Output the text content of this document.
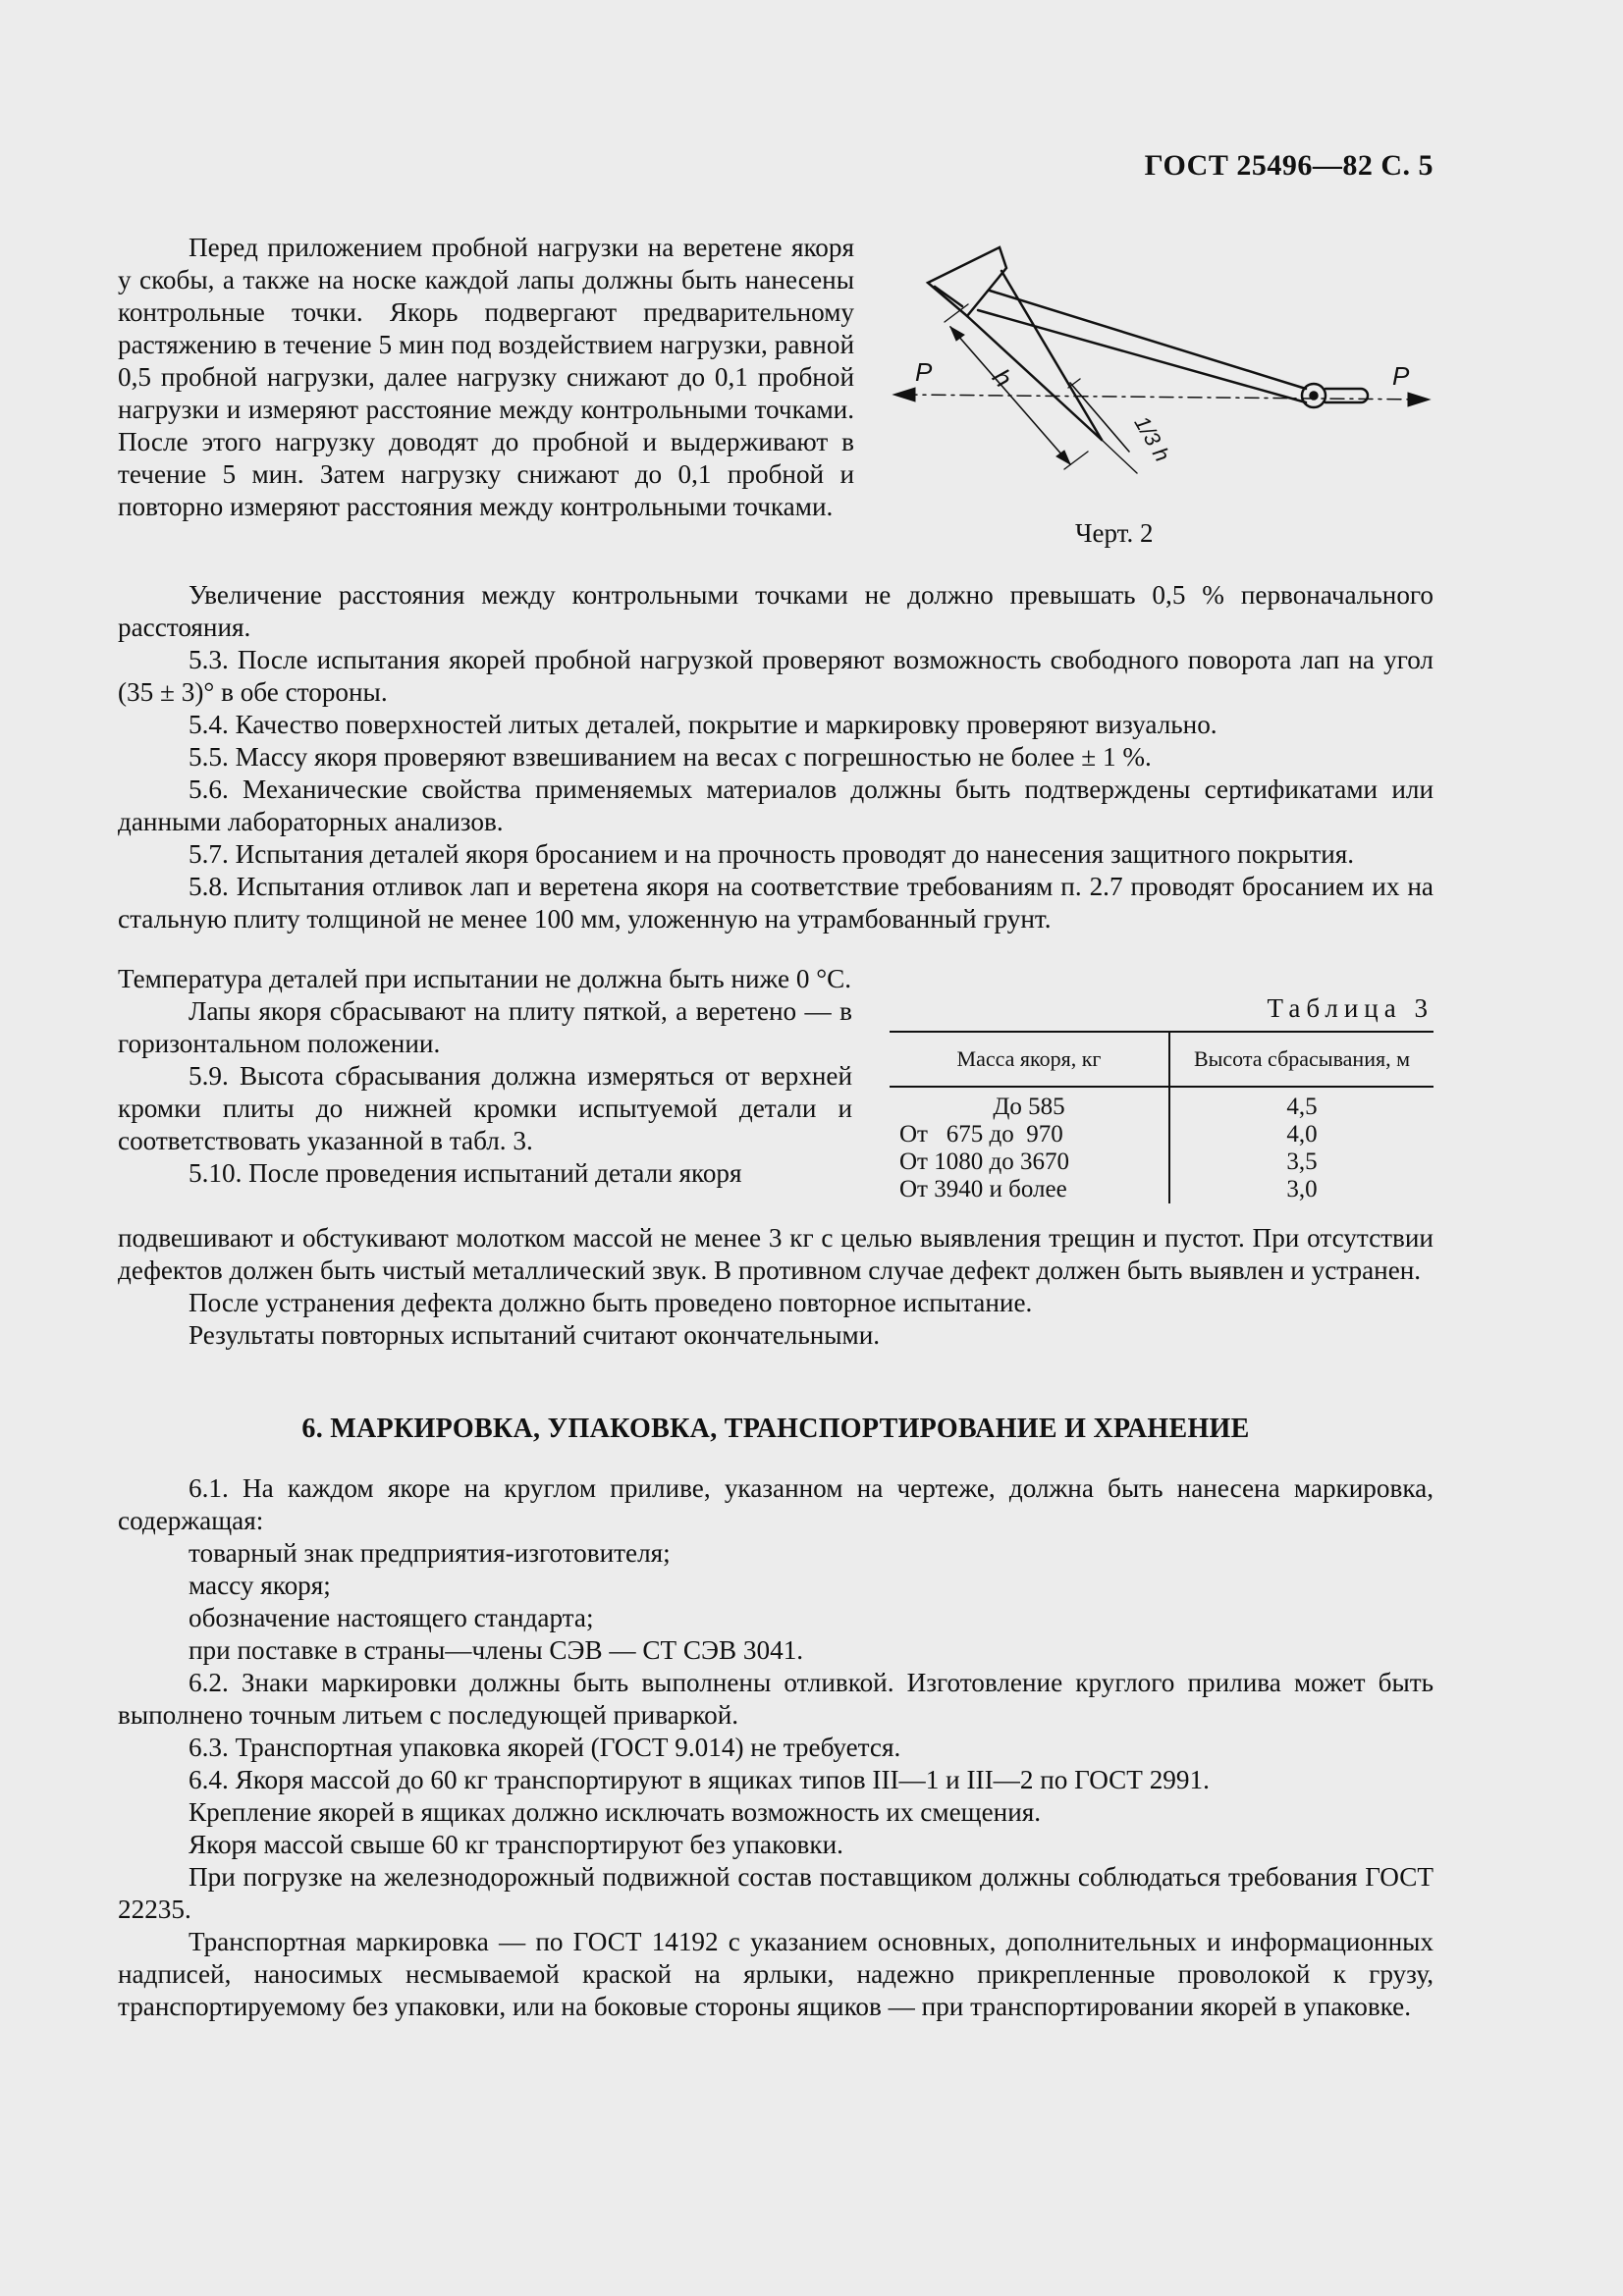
ГОСТ 25496—82 С. 5
P	P
h
1/3 h
Черт. 2

Перед приложением пробной нагрузки на веретене якоря у скобы, а также на носке каждой лапы должны быть нанесены контрольные точки. Якорь подвергают предварительному растяжению в течение 5 мин под воздействием нагрузки, равной 0,5 пробной нагрузки, далее нагрузку снижают до 0,1 пробной нагрузки и измеряют расстояние между контрольными точками. После этого нагрузку доводят до пробной и выдерживают в течение 5 мин. Затем нагрузку снижают до 0,1 пробной и повторно измеряют расстояния между контрольными точками.

Увеличение расстояния между контрольными точками не должно превышать 0,5 % первоначального расстояния.

5.3. После испытания якорей пробной нагрузкой проверяют возможность свободного поворота лап на угол (35 ± 3)° в обе стороны.

5.4. Качество поверхностей литых деталей, покрытие и маркировку проверяют визуально.

5.5. Массу якоря проверяют взвешиванием на весах с погрешностью не более ± 1 %.

5.6. Механические свойства применяемых материалов должны быть подтверждены сертификатами или данными лабораторных анализов.

5.7. Испытания деталей якоря бросанием и на прочность проводят до нанесения защитного покрытия.

5.8. Испытания отливок лап и веретена якоря на соответствие требованиям п. 2.7 проводят бросанием их на стальную плиту толщиной не менее 100 мм, уложенную на утрамбованный грунт.

Температура деталей при испытании не должна быть ниже 0 °С.

Лапы якоря сбрасывают на плиту пяткой, а веретено — в горизонтальном положении.

5.9. Высота сбрасывания должна измеряться от верхней кромки плиты до нижней кромки испытуемой детали и соответствовать указанной в табл. 3.

5.10. После проведения испытаний детали якоря

Таблица 3
Масса якоря, кг	Высота сбрасывания, м
До 585	4,5
От   675 до  970	4,0
От 1080 до 3670	3,5
От 3940 и более	3,0

подвешивают и обстукивают молотком массой не менее 3 кг с целью выявления трещин и пустот. При отсутствии дефектов должен быть чистый металлический звук. В противном случае дефект должен быть выявлен и устранен.

После устранения дефекта должно быть проведено повторное испытание.

Результаты повторных испытаний считают окончательными.

6. МАРКИРОВКА, УПАКОВКА, ТРАНСПОРТИРОВАНИЕ И ХРАНЕНИЕ

6.1. На каждом якоре на круглом приливе, указанном на чертеже, должна быть нанесена маркировка, содержащая:

товарный знак предприятия-изготовителя;

массу якоря;

обозначение настоящего стандарта;

при поставке в страны—члены СЭВ — СТ СЭВ 3041.

6.2. Знаки маркировки должны быть выполнены отливкой. Изготовление круглого прилива может быть выполнено точным литьем с последующей приваркой.

6.3. Транспортная упаковка якорей (ГОСТ 9.014) не требуется.

6.4. Якоря массой до 60 кг транспортируют в ящиках типов III—1 и III—2 по ГОСТ 2991.

Крепление якорей в ящиках должно исключать возможность их смещения.

Якоря массой свыше 60 кг транспортируют без упаковки.

При погрузке на железнодорожный подвижной состав поставщиком должны соблюдаться требования ГОСТ 22235.

Транспортная маркировка — по ГОСТ 14192 с указанием основных, дополнительных и информационных надписей, наносимых несмываемой краской на ярлыки, надежно прикрепленные проволокой к грузу, транспортируемому без упаковки, или на боковые стороны ящиков — при транспортировании якорей в упаковке.
